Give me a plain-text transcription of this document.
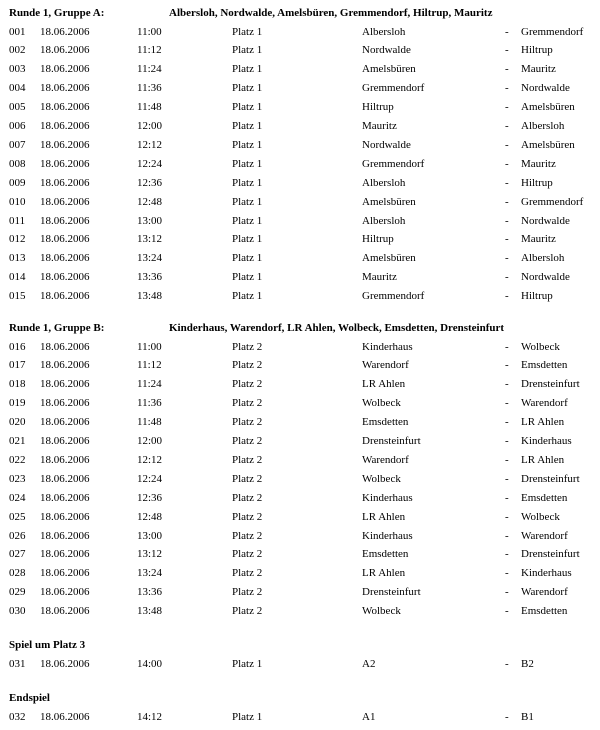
Runde 1, Gruppe A:	Albersloh, Nordwalde, Amelsbüren, Gremmendorf, Hiltrup, Mauritz
001 18.06.2006	11:00	Platz 1	Albersloh	- Gremmendorf
002 18.06.2006	11:12	Platz 1	Nordwalde	- Hiltrup
003 18.06.2006	11:24	Platz 1	Amelsbüren	- Mauritz
004 18.06.2006	11:36	Platz 1	Gremmendorf	- Nordwalde
005 18.06.2006	11:48	Platz 1	Hiltrup	- Amelsbüren
006 18.06.2006	12:00	Platz 1	Mauritz	- Albersloh
007 18.06.2006	12:12	Platz 1	Nordwalde	- Amelsbüren
008 18.06.2006	12:24	Platz 1	Gremmendorf	- Mauritz
009 18.06.2006	12:36	Platz 1	Albersloh	- Hiltrup
010 18.06.2006	12:48	Platz 1	Amelsbüren	- Gremmendorf
011 18.06.2006	13:00	Platz 1	Albersloh	- Nordwalde
012 18.06.2006	13:12	Platz 1	Hiltrup	- Mauritz
013 18.06.2006	13:24	Platz 1	Amelsbüren	- Albersloh
014 18.06.2006	13:36	Platz 1	Mauritz	- Nordwalde
015 18.06.2006	13:48	Platz 1	Gremmendorf	- Hiltrup
Runde 1, Gruppe B:	Kinderhaus, Warendorf, LR Ahlen, Wolbeck, Emsdetten, Drensteinfurt
016 18.06.2006	11:00	Platz 2	Kinderhaus	- Wolbeck
017 18.06.2006	11:12	Platz 2	Warendorf	- Emsdetten
018 18.06.2006	11:24	Platz 2	LR Ahlen	- Drensteinfurt
019 18.06.2006	11:36	Platz 2	Wolbeck	- Warendorf
020 18.06.2006	11:48	Platz 2	Emsdetten	- LR Ahlen
021 18.06.2006	12:00	Platz 2	Drensteinfurt	- Kinderhaus
022 18.06.2006	12:12	Platz 2	Warendorf	- LR Ahlen
023 18.06.2006	12:24	Platz 2	Wolbeck	- Drensteinfurt
024 18.06.2006	12:36	Platz 2	Kinderhaus	- Emsdetten
025 18.06.2006	12:48	Platz 2	LR Ahlen	- Wolbeck
026 18.06.2006	13:00	Platz 2	Kinderhaus	- Warendorf
027 18.06.2006	13:12	Platz 2	Emsdetten	- Drensteinfurt
028 18.06.2006	13:24	Platz 2	LR Ahlen	- Kinderhaus
029 18.06.2006	13:36	Platz 2	Drensteinfurt	- Warendorf
030 18.06.2006	13:48	Platz 2	Wolbeck	- Emsdetten
Spiel um Platz 3
031 18.06.2006	14:00	Platz 1	A2	- B2
Endspiel
032 18.06.2006	14:12	Platz 1	A1	- B1
